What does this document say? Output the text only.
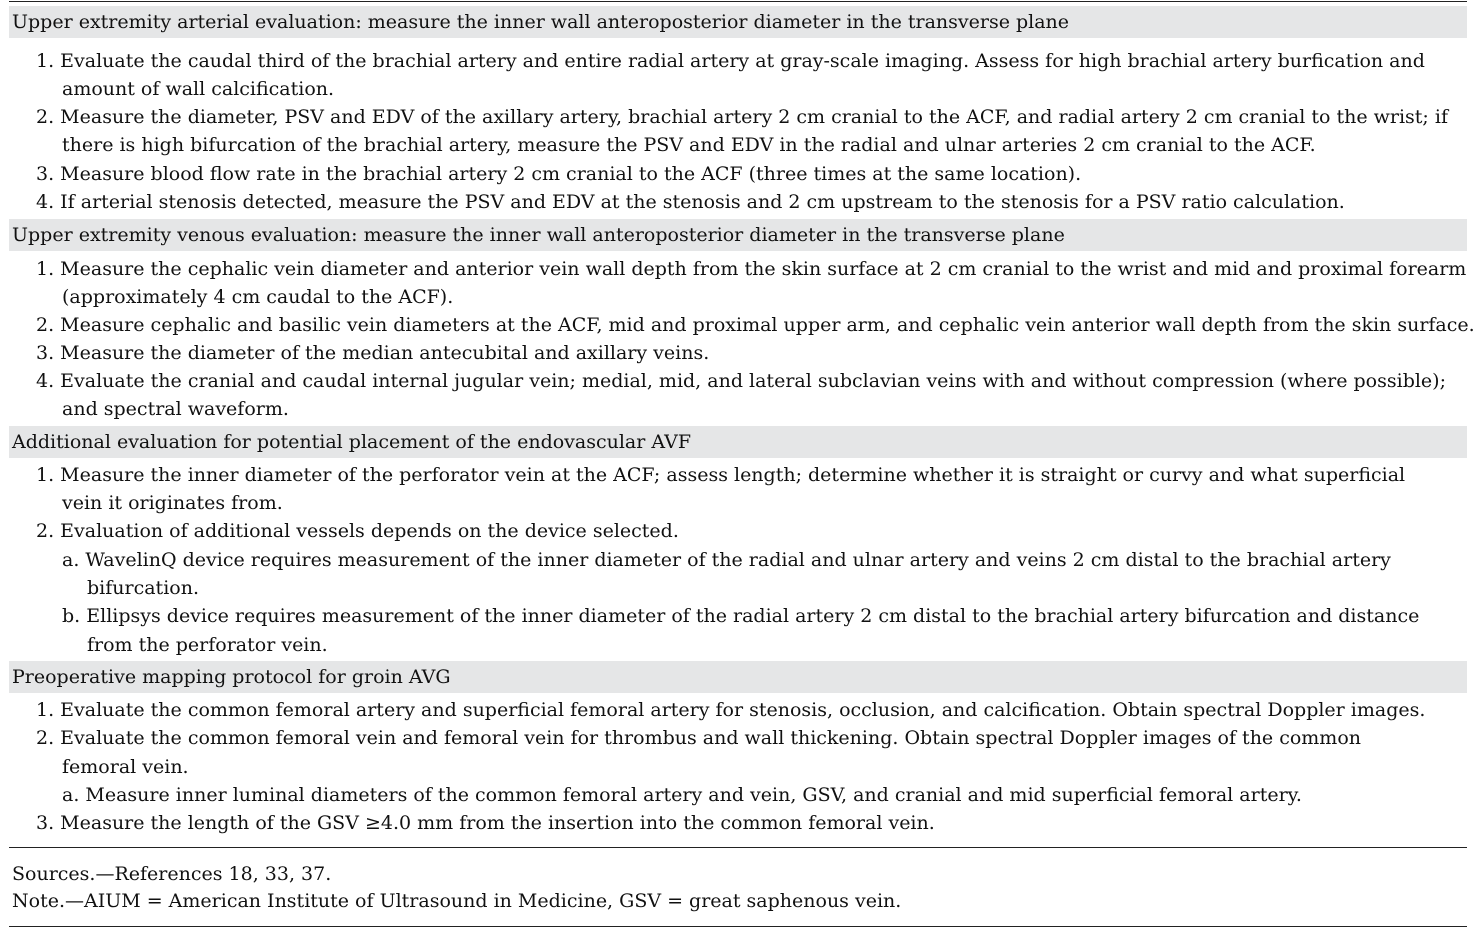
Upper extremity arterial evaluation: measure the inner wall anteroposterior diameter in the transverse plane
1. Evaluate the caudal third of the brachial artery and entire radial artery at gray-scale imaging. Assess for high brachial artery burfication and
amount of wall calcification.
2. Measure the diameter, PSV and EDV of the axillary artery, brachial artery 2 cm cranial to the ACF, and radial artery 2 cm cranial to the wrist; if
there is high bifurcation of the brachial artery, measure the PSV and EDV in the radial and ulnar arteries 2 cm cranial to the ACF.
3. Measure blood flow rate in the brachial artery 2 cm cranial to the ACF (three times at the same location).
4. If arterial stenosis detected, measure the PSV and EDV at the stenosis and 2 cm upstream to the stenosis for a PSV ratio calculation.
Upper extremity venous evaluation: measure the inner wall anteroposterior diameter in the transverse plane
1. Measure the cephalic vein diameter and anterior vein wall depth from the skin surface at 2 cm cranial to the wrist and mid and proximal forearm
(approximately 4 cm caudal to the ACF).
2. Measure cephalic and basilic vein diameters at the ACF, mid and proximal upper arm, and cephalic vein anterior wall depth from the skin surface.
3. Measure the diameter of the median antecubital and axillary veins.
4. Evaluate the cranial and caudal internal jugular vein; medial, mid, and lateral subclavian veins with and without compression (where possible);
and spectral waveform.
Additional evaluation for potential placement of the endovascular AVF
1. Measure the inner diameter of the perforator vein at the ACF; assess length; determine whether it is straight or curvy and what superficial
vein it originates from.
2. Evaluation of additional vessels depends on the device selected.
a. WavelinQ device requires measurement of the inner diameter of the radial and ulnar artery and veins 2 cm distal to the brachial artery
bifurcation.
b. Ellipsys device requires measurement of the inner diameter of the radial artery 2 cm distal to the brachial artery bifurcation and distance
from the perforator vein.
Preoperative mapping protocol for groin AVG
1. Evaluate the common femoral artery and superficial femoral artery for stenosis, occlusion, and calcification. Obtain spectral Doppler images.
2. Evaluate the common femoral vein and femoral vein for thrombus and wall thickening. Obtain spectral Doppler images of the common
femoral vein.
a. Measure inner luminal diameters of the common femoral artery and vein, GSV, and cranial and mid superficial femoral artery.
3. Measure the length of the GSV ≥4.0 mm from the insertion into the common femoral vein.
Sources.—References 18, 33, 37.
Note.—AIUM = American Institute of Ultrasound in Medicine, GSV = great saphenous vein.
